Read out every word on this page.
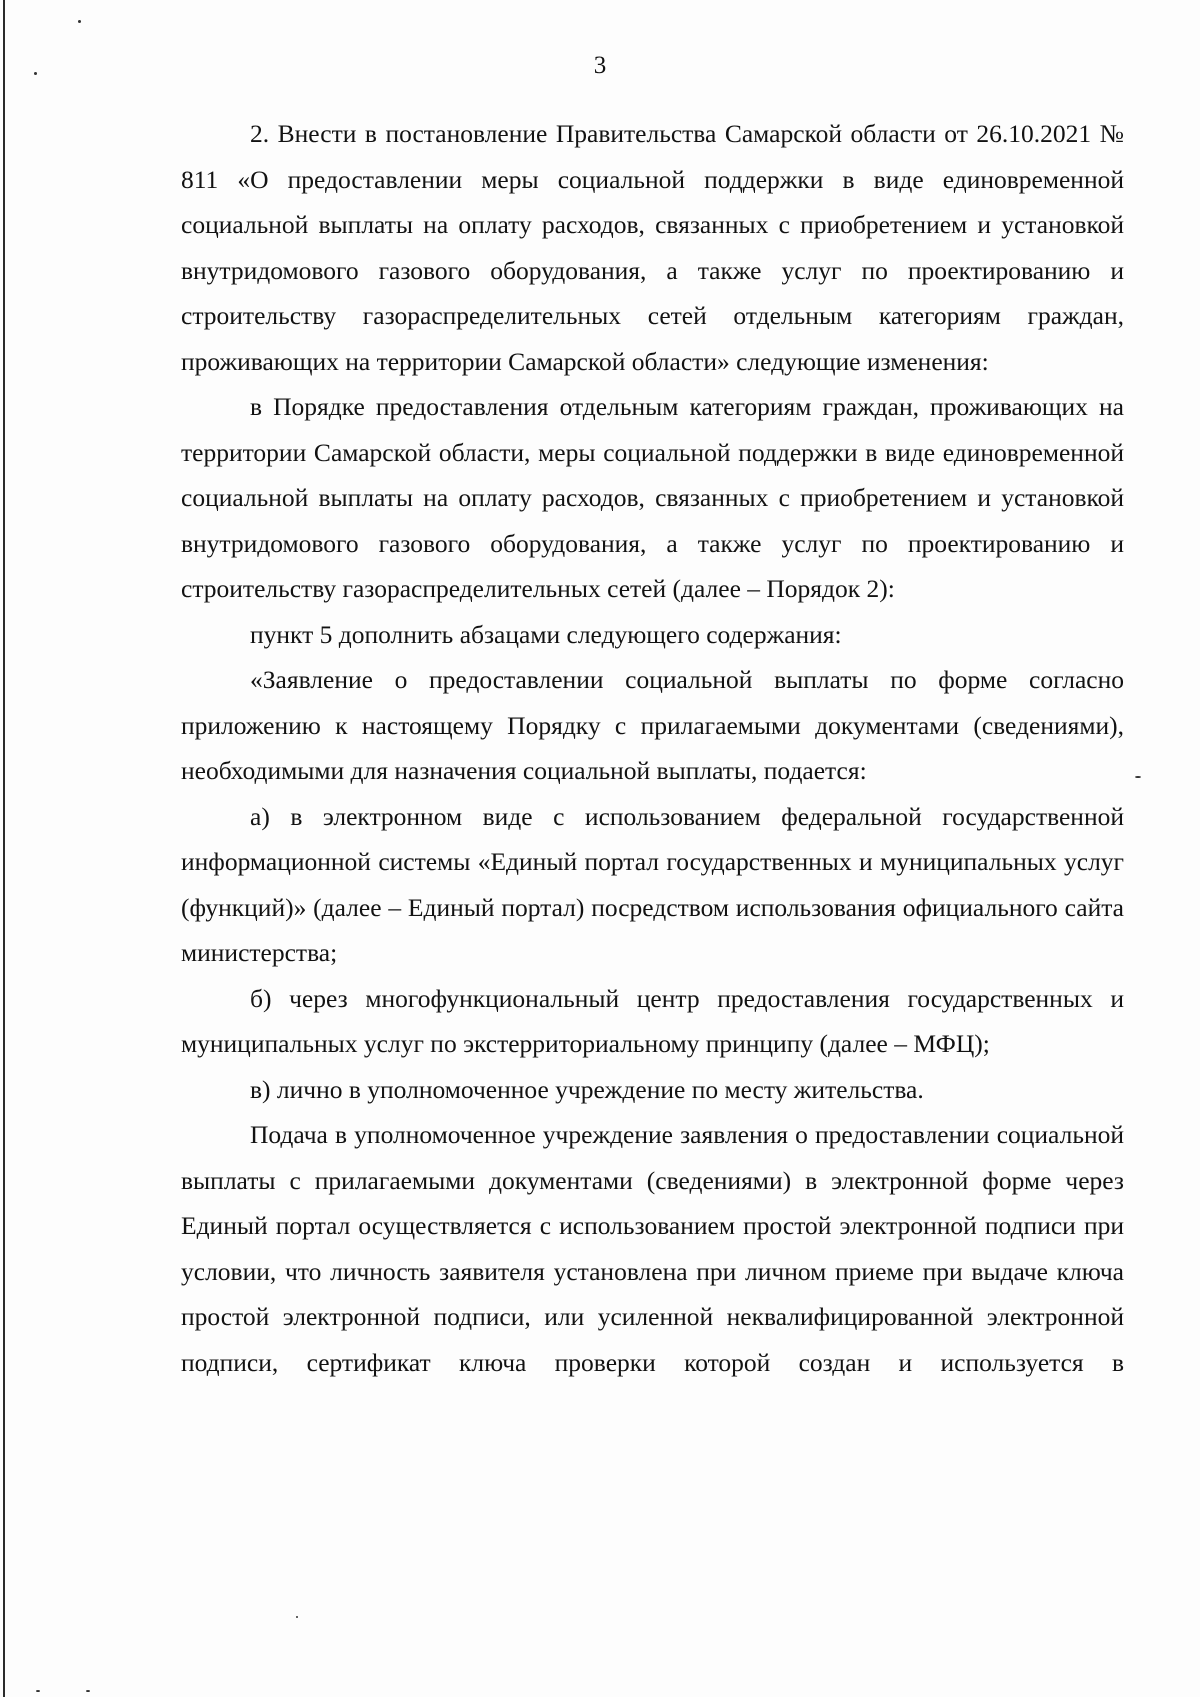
3

2. Внести в постановление Правительства Самарской области от 26.10.2021 № 811 «О предоставлении меры социальной поддержки в виде единовременной социальной выплаты на оплату расходов, связанных с приобретением и установкой внутридомового газового оборудования, а также услуг по проектированию и строительству газораспределительных сетей отдельным категориям граждан, проживающих на территории Самарской области» следующие изменения:

в Порядке предоставления отдельным категориям граждан, проживающих на территории Самарской области, меры социальной поддержки в виде единовременной социальной выплаты на оплату расходов, связанных с приобретением и установкой внутридомового газового оборудования, а также услуг по проектированию и строительству газораспределительных сетей (далее – Порядок 2):

пункт 5 дополнить абзацами следующего содержания:

«Заявление о предоставлении социальной выплаты по форме согласно приложению к настоящему Порядку с прилагаемыми документами (сведениями), необходимыми для назначения социальной выплаты, подается:

а) в электронном виде с использованием федеральной государственной информационной системы «Единый портал государственных и муниципальных услуг (функций)» (далее – Единый портал) посредством использования официального сайта министерства;

б) через многофункциональный центр предоставления государственных и муниципальных услуг по экстерриториальному принципу (далее – МФЦ);

в) лично в уполномоченное учреждение по месту жительства.

Подача в уполномоченное учреждение заявления о предоставлении социальной выплаты с прилагаемыми документами (сведениями) в электронной форме через Единый портал осуществляется с использованием простой электронной подписи при условии, что личность заявителя установлена при личном приеме при выдаче ключа простой электронной подписи, или усиленной неквалифицированной электронной подписи, сертификат ключа проверки которой создан и используется в
